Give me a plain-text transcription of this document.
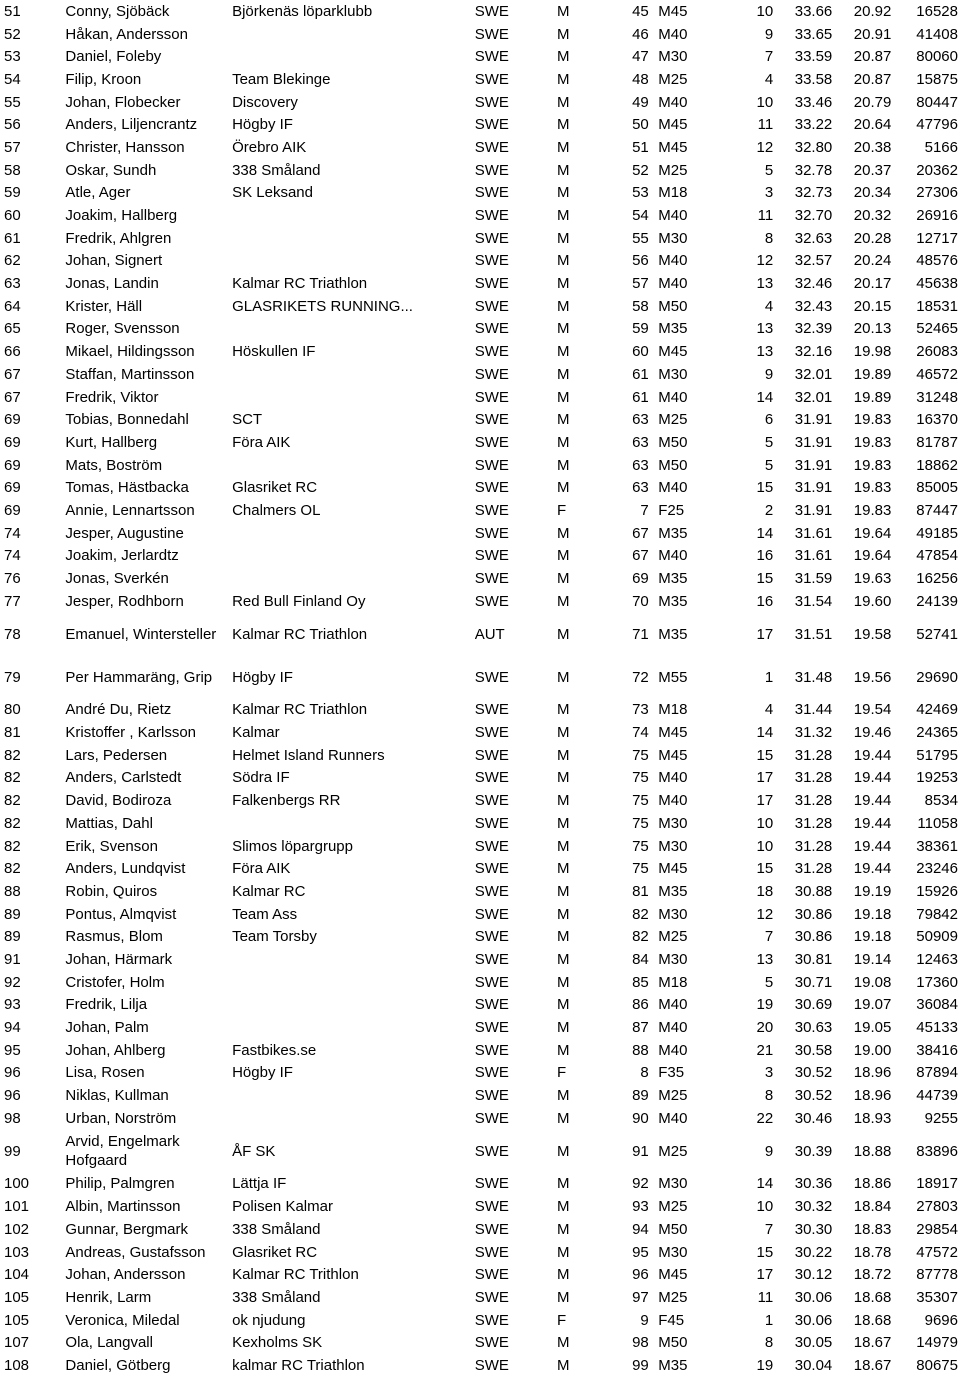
51	Conny, Sjöbäck	Björkenäs löparklubb	SWE	M	45		M45	10	33.66	20.92	16528
52	Håkan, Andersson		SWE	M	46		M40	9	33.65	20.91	41408
53	Daniel, Foleby		SWE	M	47		M30	7	33.59	20.87	80060
54	Filip, Kroon	Team Blekinge	SWE	M	48		M25	4	33.58	20.87	15875
55	Johan, Flobecker	Discovery	SWE	M	49		M40	10	33.46	20.79	80447
56	Anders, Liljencrantz	Högby IF	SWE	M	50		M45	11	33.22	20.64	47796
57	Christer, Hansson	Örebro AIK	SWE	M	51		M45	12	32.80	20.38	5166
58	Oskar, Sundh	338 Småland	SWE	M	52		M25	5	32.78	20.37	20362
59	Atle, Ager	SK Leksand	SWE	M	53		M18	3	32.73	20.34	27306
60	Joakim, Hallberg		SWE	M	54		M40	11	32.70	20.32	26916
61	Fredrik, Ahlgren		SWE	M	55		M30	8	32.63	20.28	12717
62	Johan, Signert		SWE	M	56		M40	12	32.57	20.24	48576
63	Jonas, Landin	Kalmar RC Triathlon	SWE	M	57		M40	13	32.46	20.17	45638
64	Krister, Häll	GLASRIKETS RUNNING...	SWE	M	58		M50	4	32.43	20.15	18531
65	Roger, Svensson		SWE	M	59		M35	13	32.39	20.13	52465
66	Mikael, Hildingsson	Höskullen IF	SWE	M	60		M45	13	32.16	19.98	26083
67	Staffan, Martinsson		SWE	M	61		M30	9	32.01	19.89	46572
67	Fredrik, Viktor		SWE	M	61		M40	14	32.01	19.89	31248
69	Tobias, Bonnedahl	SCT	SWE	M	63		M25	6	31.91	19.83	16370
69	Kurt, Hallberg	Föra AIK	SWE	M	63		M50	5	31.91	19.83	81787
69	Mats, Boström		SWE	M	63		M50	5	31.91	19.83	18862
69	Tomas, Hästbacka	Glasriket RC	SWE	M	63		M40	15	31.91	19.83	85005
69	Annie, Lennartsson	Chalmers OL	SWE	F	7		F25	2	31.91	19.83	87447
74	Jesper, Augustine		SWE	M	67		M35	14	31.61	19.64	49185
74	Joakim, Jerlardtz		SWE	M	67		M40	16	31.61	19.64	47854
76	Jonas, Sverkén		SWE	M	69		M35	15	31.59	19.63	16256
77	Jesper, Rodhborn	Red Bull Finland Oy	SWE	M	70		M35	16	31.54	19.60	24139
78	Emanuel, Wintersteller	Kalmar RC Triathlon	AUT	M	71		M35	17	31.51	19.58	52741
79	Per Hammaräng, Grip	Högby IF	SWE	M	72		M55	1	31.48	19.56	29690
80	André Du, Rietz	Kalmar RC Triathlon	SWE	M	73		M18	4	31.44	19.54	42469
81	Kristoffer , Karlsson	Kalmar	SWE	M	74		M45	14	31.32	19.46	24365
82	Lars, Pedersen	Helmet Island Runners	SWE	M	75		M45	15	31.28	19.44	51795
82	Anders, Carlstedt	Södra IF	SWE	M	75		M40	17	31.28	19.44	19253
82	David, Bodiroza	Falkenbergs RR	SWE	M	75		M40	17	31.28	19.44	8534
82	Mattias, Dahl		SWE	M	75		M30	10	31.28	19.44	11058
82	Erik, Svenson	Slimos löpargrupp	SWE	M	75		M30	10	31.28	19.44	38361
82	Anders, Lundqvist	Föra AIK	SWE	M	75		M45	15	31.28	19.44	23246
88	Robin, Quiros	Kalmar RC	SWE	M	81		M35	18	30.88	19.19	15926
89	Pontus, Almqvist	Team Ass	SWE	M	82		M30	12	30.86	19.18	79842
89	Rasmus, Blom	Team Torsby	SWE	M	82		M25	7	30.86	19.18	50909
91	Johan, Härmark		SWE	M	84		M30	13	30.81	19.14	12463
92	Cristofer, Holm		SWE	M	85		M18	5	30.71	19.08	17360
93	Fredrik, Lilja		SWE	M	86		M40	19	30.69	19.07	36084
94	Johan, Palm		SWE	M	87		M40	20	30.63	19.05	45133
95	Johan, Ahlberg	Fastbikes.se	SWE	M	88		M40	21	30.58	19.00	38416
96	Lisa, Rosen	Högby IF	SWE	F	8		F35	3	30.52	18.96	87894
96	Niklas, Kullman		SWE	M	89		M25	8	30.52	18.96	44739
98	Urban, Norström		SWE	M	90		M40	22	30.46	18.93	9255
99	Arvid, Engelmark Hofgaard	ÅF SK	SWE	M	91		M25	9	30.39	18.88	83896
100	Philip, Palmgren	Lättja IF	SWE	M	92		M30	14	30.36	18.86	18917
101	Albin, Martinsson	Polisen Kalmar	SWE	M	93		M25	10	30.32	18.84	27803
102	Gunnar, Bergmark	338 Småland	SWE	M	94		M50	7	30.30	18.83	29854
103	Andreas, Gustafsson	Glasriket RC	SWE	M	95		M30	15	30.22	18.78	47572
104	Johan, Andersson	Kalmar RC Trithlon	SWE	M	96		M45	17	30.12	18.72	87778
105	Henrik, Larm	338 Småland	SWE	M	97		M25	11	30.06	18.68	35307
105	Veronica, Miledal	ok njudung	SWE	F	9		F45	1	30.06	18.68	9696
107	Ola, Langvall	Kexholms SK	SWE	M	98		M50	8	30.05	18.67	14979
108	Daniel, Götberg	kalmar RC Triathlon	SWE	M	99		M35	19	30.04	18.67	80675
